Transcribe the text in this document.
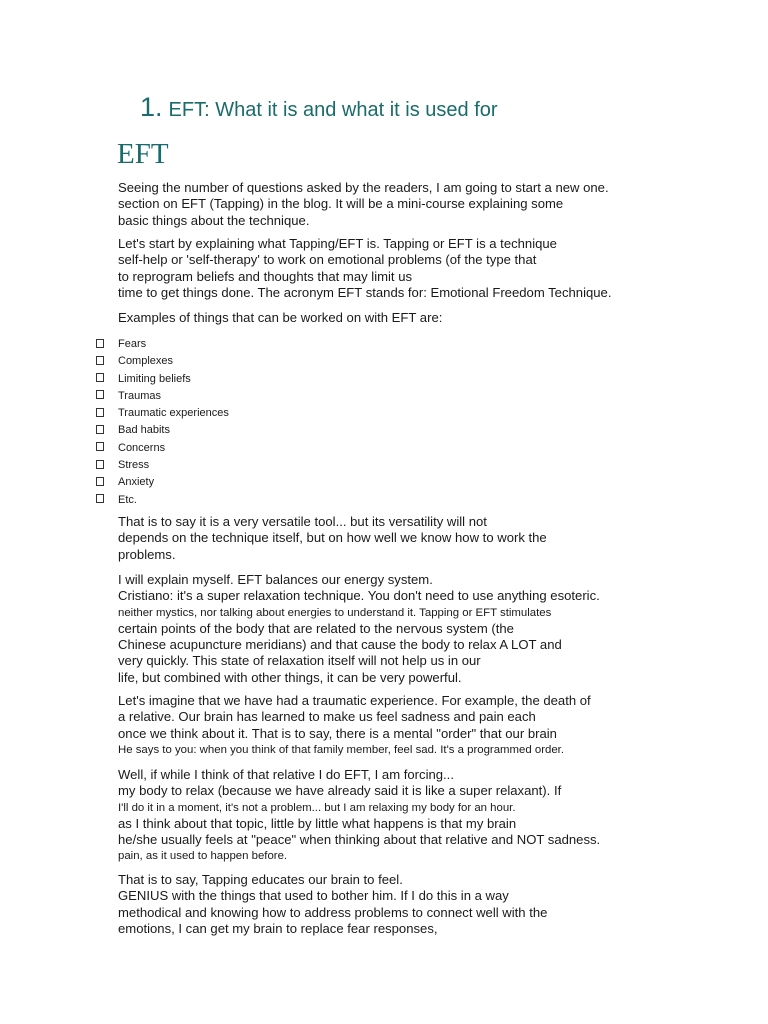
1. EFT: What it is and what it is used for
EFT
Seeing the number of questions asked by the readers, I am going to start a new one.
section on EFT (Tapping) in the blog. It will be a mini-course explaining some
basic things about the technique.
Let's start by explaining what Tapping/EFT is. Tapping or EFT is a technique
self-help or 'self-therapy' to work on emotional problems (of the type that
to reprogram beliefs and thoughts that may limit us
time to get things done. The acronym EFT stands for: Emotional Freedom Technique.
Examples of things that can be worked on with EFT are:
Fears
Complexes
Limiting beliefs
Traumas
Traumatic experiences
Bad habits
Concerns
Stress
Anxiety
Etc.
That is to say it is a very versatile tool... but its versatility will not
depends on the technique itself, but on how well we know how to work the
problems.
I will explain myself. EFT balances our energy system.
Cristiano: it's a super relaxation technique. You don't need to use anything esoteric.
neither mystics, nor talking about energies to understand it. Tapping or EFT stimulates
certain points of the body that are related to the nervous system (the
Chinese acupuncture meridians) and that cause the body to relax A LOT and
very quickly. This state of relaxation itself will not help us in our
life, but combined with other things, it can be very powerful.
Let's imagine that we have had a traumatic experience. For example, the death of
a relative. Our brain has learned to make us feel sadness and pain each
once we think about it. That is to say, there is a mental "order" that our brain
He says to you: when you think of that family member, feel sad. It's a programmed order.
Well, if while I think of that relative I do EFT, I am forcing...
my body to relax (because we have already said it is like a super relaxant). If
I'll do it in a moment, it's not a problem... but I am relaxing my body for an hour.
as I think about that topic, little by little what happens is that my brain
he/she usually feels at "peace" when thinking about that relative and NOT sadness.
pain, as it used to happen before.
That is to say, Tapping educates our brain to feel.
GENIUS with the things that used to bother him. If I do this in a way
methodical and knowing how to address problems to connect well with the
emotions, I can get my brain to replace fear responses,
